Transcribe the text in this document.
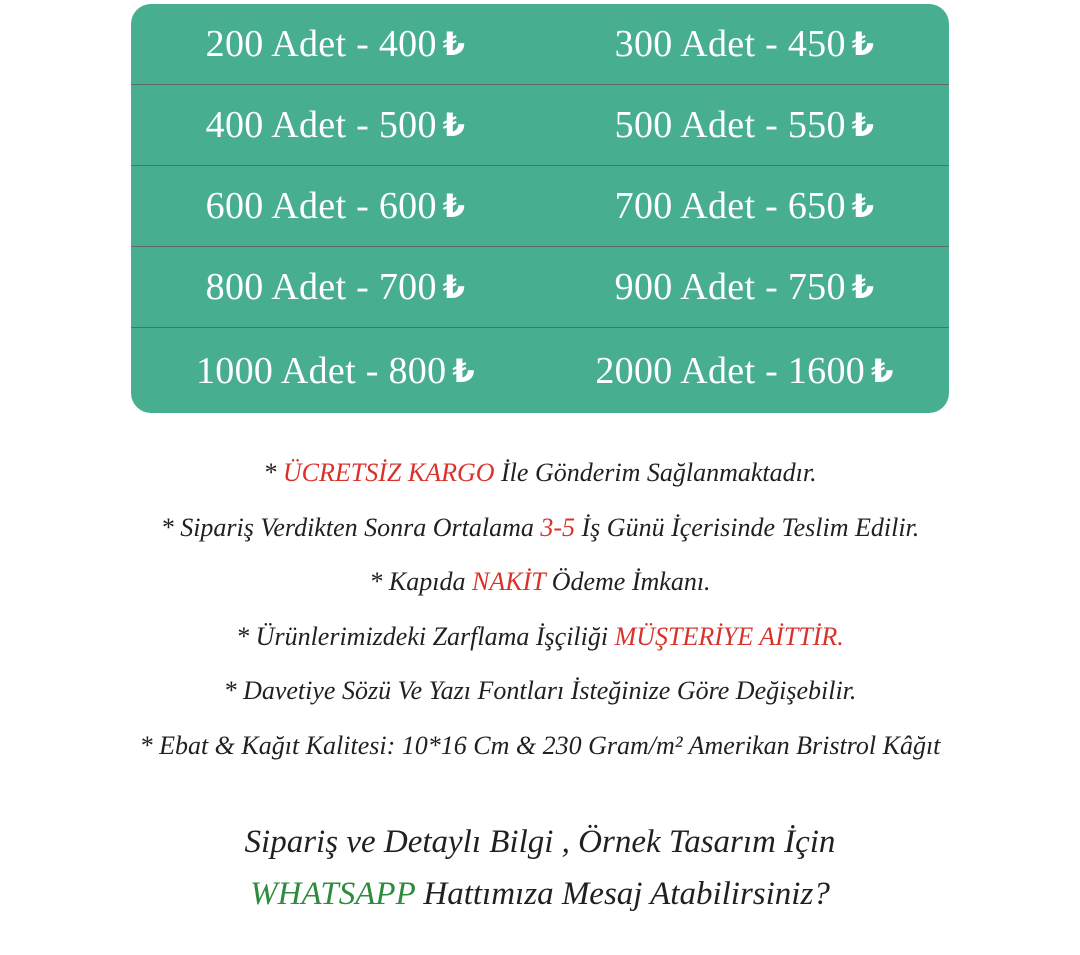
200 Adet - 400 ₺	300 Adet - 450 ₺
400 Adet - 500 ₺	500 Adet - 550 ₺
600 Adet - 600 ₺	700 Adet - 650 ₺
800 Adet - 700 ₺	900 Adet - 750 ₺
1000 Adet - 800 ₺	2000 Adet - 1600 ₺
* ÜCRETSİZ KARGO İle Gönderim Sağlanmaktadır.
* Sipariş Verdikten Sonra Ortalama 3-5 İş Günü İçerisinde Teslim Edilir.
* Kapıda NAKİT Ödeme İmkanı.
* Ürünlerimizdeki Zarflama İşçiliği MÜŞTERİYE AİTTİR.
* Davetiye Sözü Ve Yazı Fontları İsteğinize Göre Değişebilir.
* Ebat & Kağıt Kalitesi: 10*16 Cm & 230 Gram/m² Amerikan Bristrol Kâğıt
Sipariş ve Detaylı Bilgi , Örnek Tasarım İçin
WHATSAPP Hattımıza Mesaj Atabilirsiniz?
